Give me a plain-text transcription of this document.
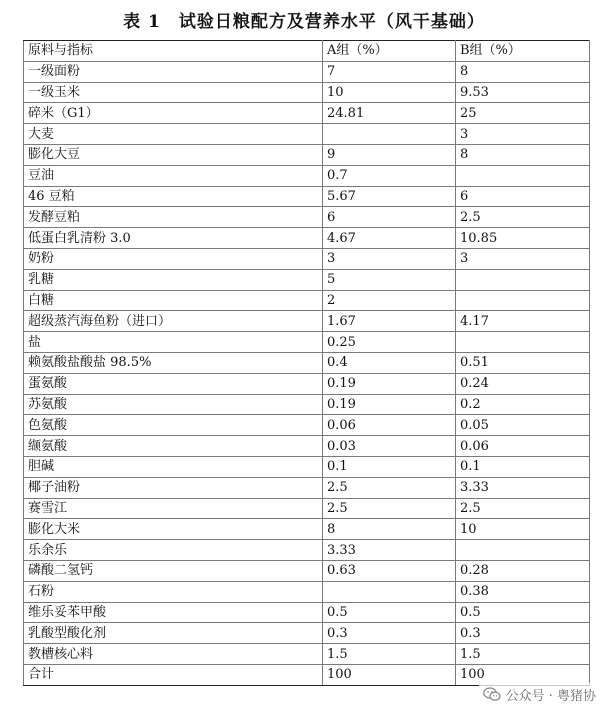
表 1　试验日粮配方及营养水平（风干基础）
原料与指标	A组（%）	B组（%）
一级面粉	7	8
一级玉米	10	9.53
碎米（G1）	24.81	25
大麦		3
膨化大豆	9	8
豆油	0.7	
46 豆粕	5.67	6
发酵豆粕	6	2.5
低蛋白乳清粉 3.0	4.67	10.85
奶粉	3	3
乳糖	5	
白糖	2	
超级蒸汽海鱼粉（进口）	1.67	4.17
盐	0.25	
赖氨酸盐酸盐 98.5%	0.4	0.51
蛋氨酸	0.19	0.24
苏氨酸	0.19	0.2
色氨酸	0.06	0.05
缬氨酸	0.03	0.06
胆碱	0.1	0.1
椰子油粉	2.5	3.33
赛雪江	2.5	2.5
膨化大米	8	10
乐余乐	3.33	
磷酸二氢钙	0.63	0.28
石粉		0.38
维乐妥苯甲酸	0.5	0.5
乳酸型酸化剂	0.3	0.3
教槽核心料	1.5	1.5
合计	100	100
公众号 · 粤猪协
